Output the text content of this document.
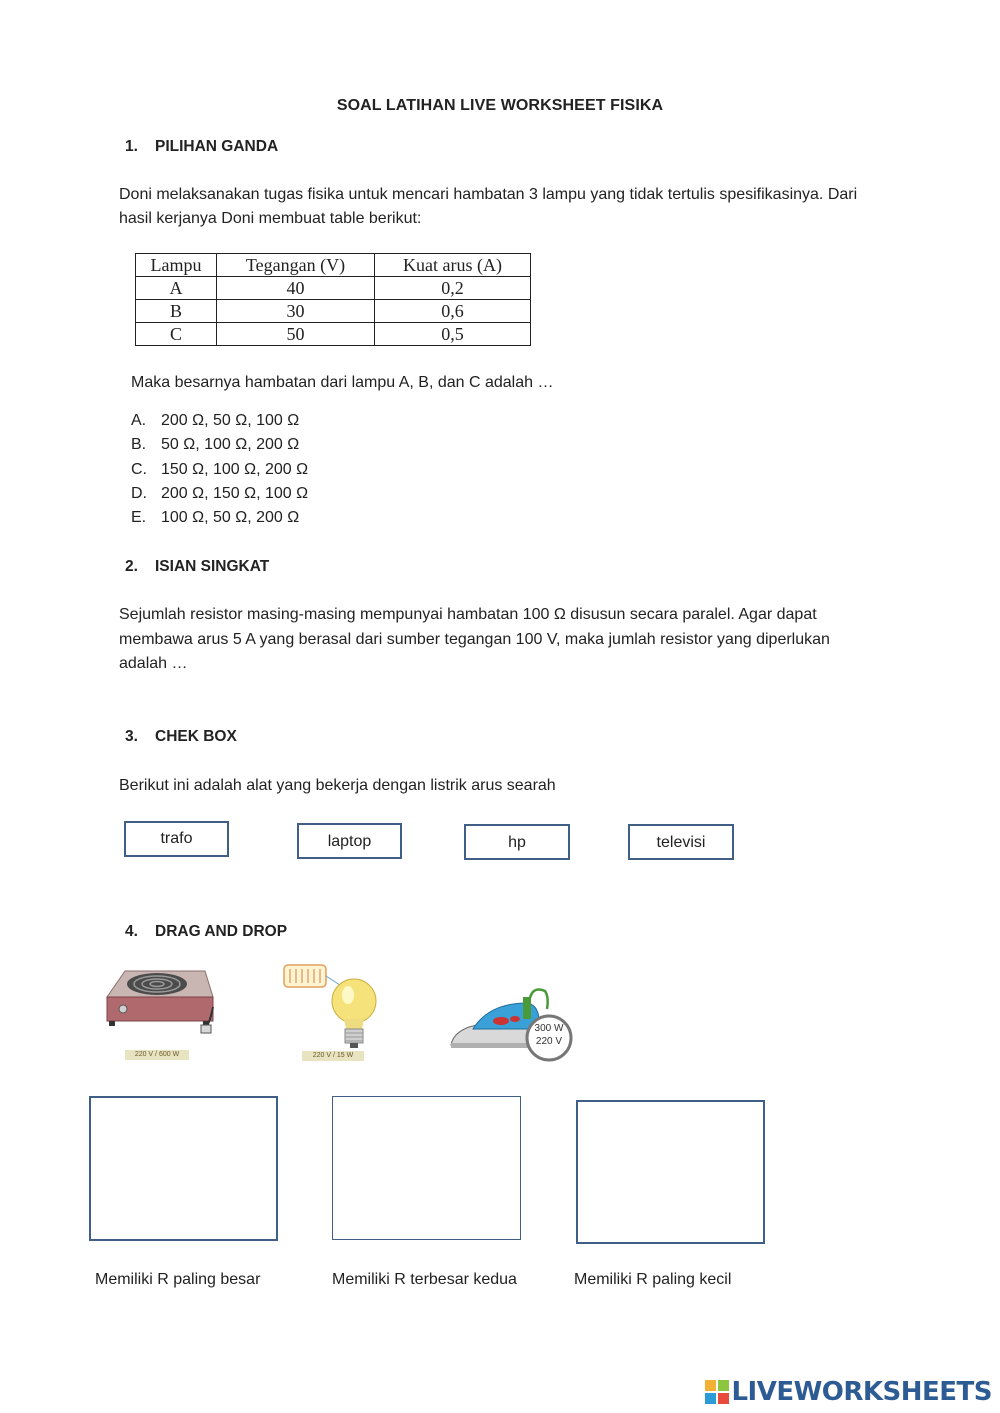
SOAL LATIHAN LIVE WORKSHEET FISIKA
1. PILIHAN GANDA
Doni melaksanakan tugas fisika untuk mencari hambatan 3 lampu yang tidak tertulis spesifikasinya. Dari
hasil kerjanya Doni membuat table berikut:
Lampu	Tegangan (V)	Kuat arus (A)
A	40	0,2
B	30	0,6
C	50	0,5
Maka besarnya hambatan dari lampu A, B, dan C adalah …
A. 200 Ω, 50 Ω, 100 Ω
B. 50 Ω, 100 Ω, 200 Ω
C. 150 Ω, 100 Ω, 200 Ω
D. 200 Ω, 150 Ω, 100 Ω
E. 100 Ω, 50 Ω, 200 Ω
2. ISIAN SINGKAT
Sejumlah resistor masing-masing mempunyai hambatan 100 Ω disusun secara paralel. Agar dapat
membawa arus 5 A yang berasal dari sumber tegangan 100 V, maka jumlah resistor yang diperlukan
adalah …
3. CHEK BOX
Berikut ini adalah alat yang bekerja dengan listrik arus searah
trafo	laptop	hp	televisi
4. DRAG AND DROP
220 V / 600 W	220 V / 15 W
300 W
220 V
Memiliki R paling besar	Memiliki R terbesar kedua	Memiliki R paling kecil
LIVEWORKSHEETS
